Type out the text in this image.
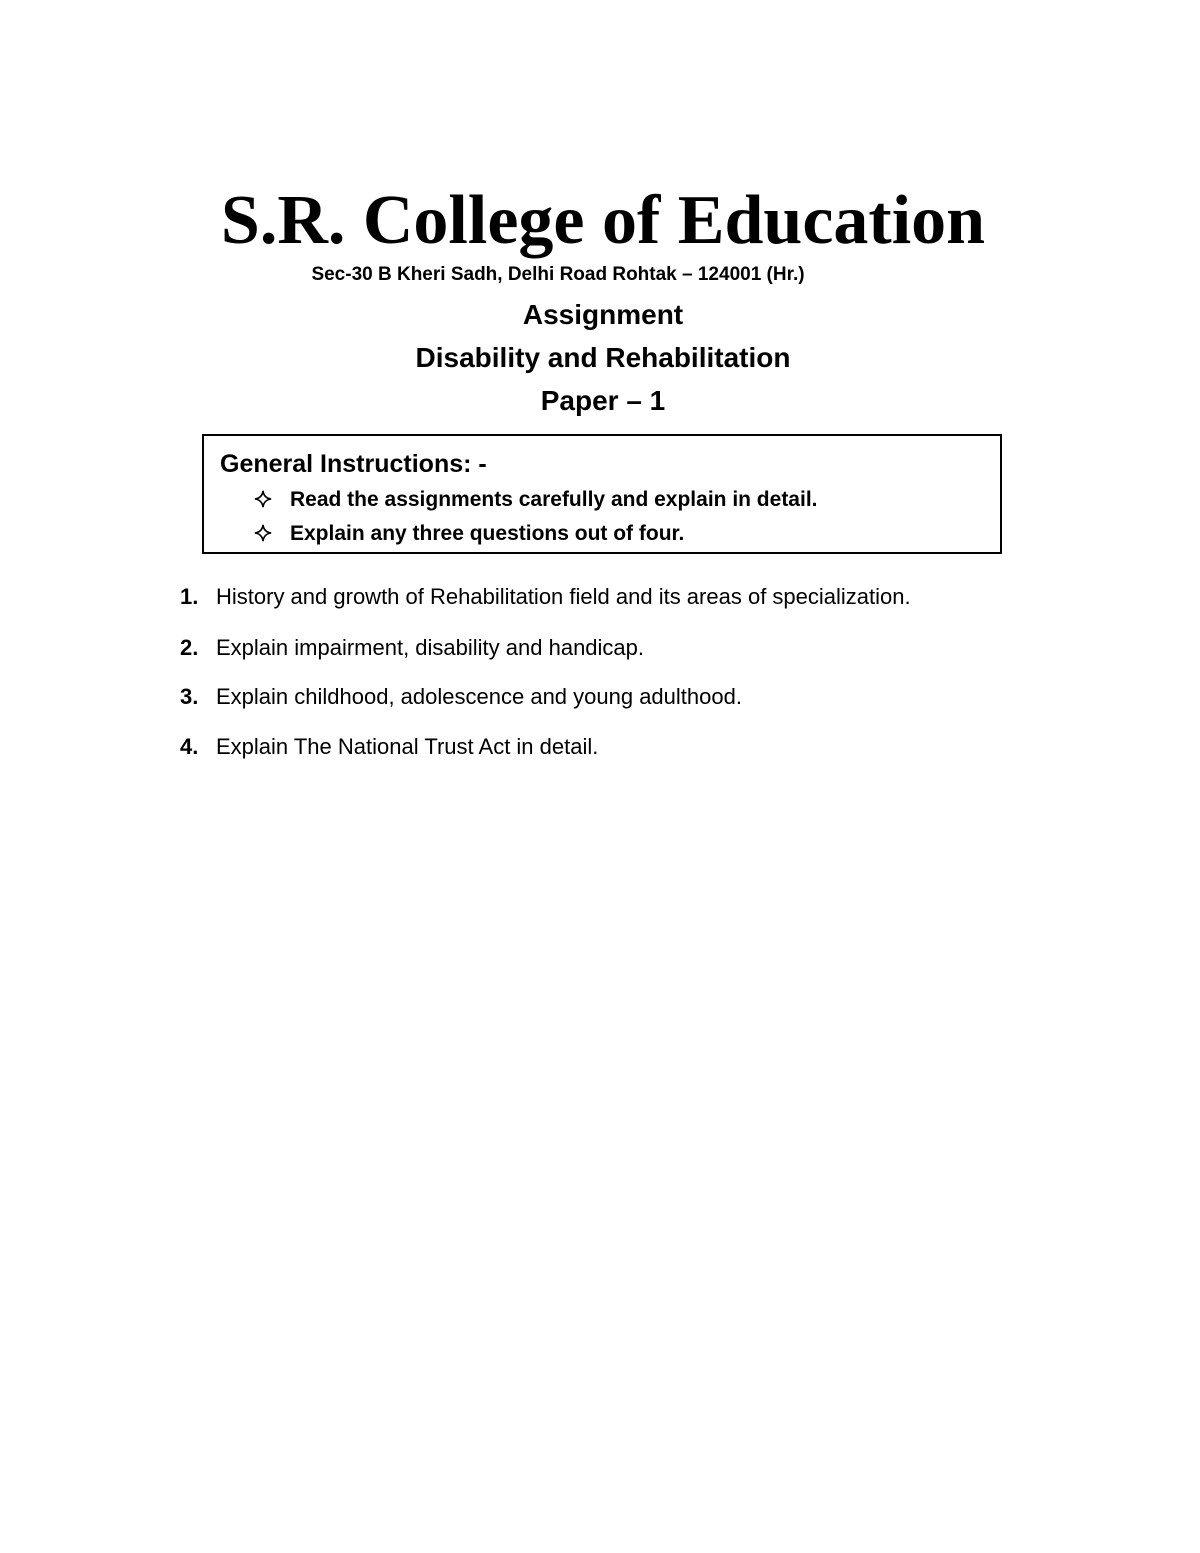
S.R. College of Education
Sec-30 B Kheri Sadh, Delhi Road Rohtak – 124001 (Hr.)
Assignment
Disability and Rehabilitation
Paper – 1
General Instructions: -
Read the assignments carefully and explain in detail.
Explain any three questions out of four.
1. History and growth of Rehabilitation field and its areas of specialization.
2. Explain impairment, disability and handicap.
3. Explain childhood, adolescence and young adulthood.
4. Explain The National Trust Act in detail.
